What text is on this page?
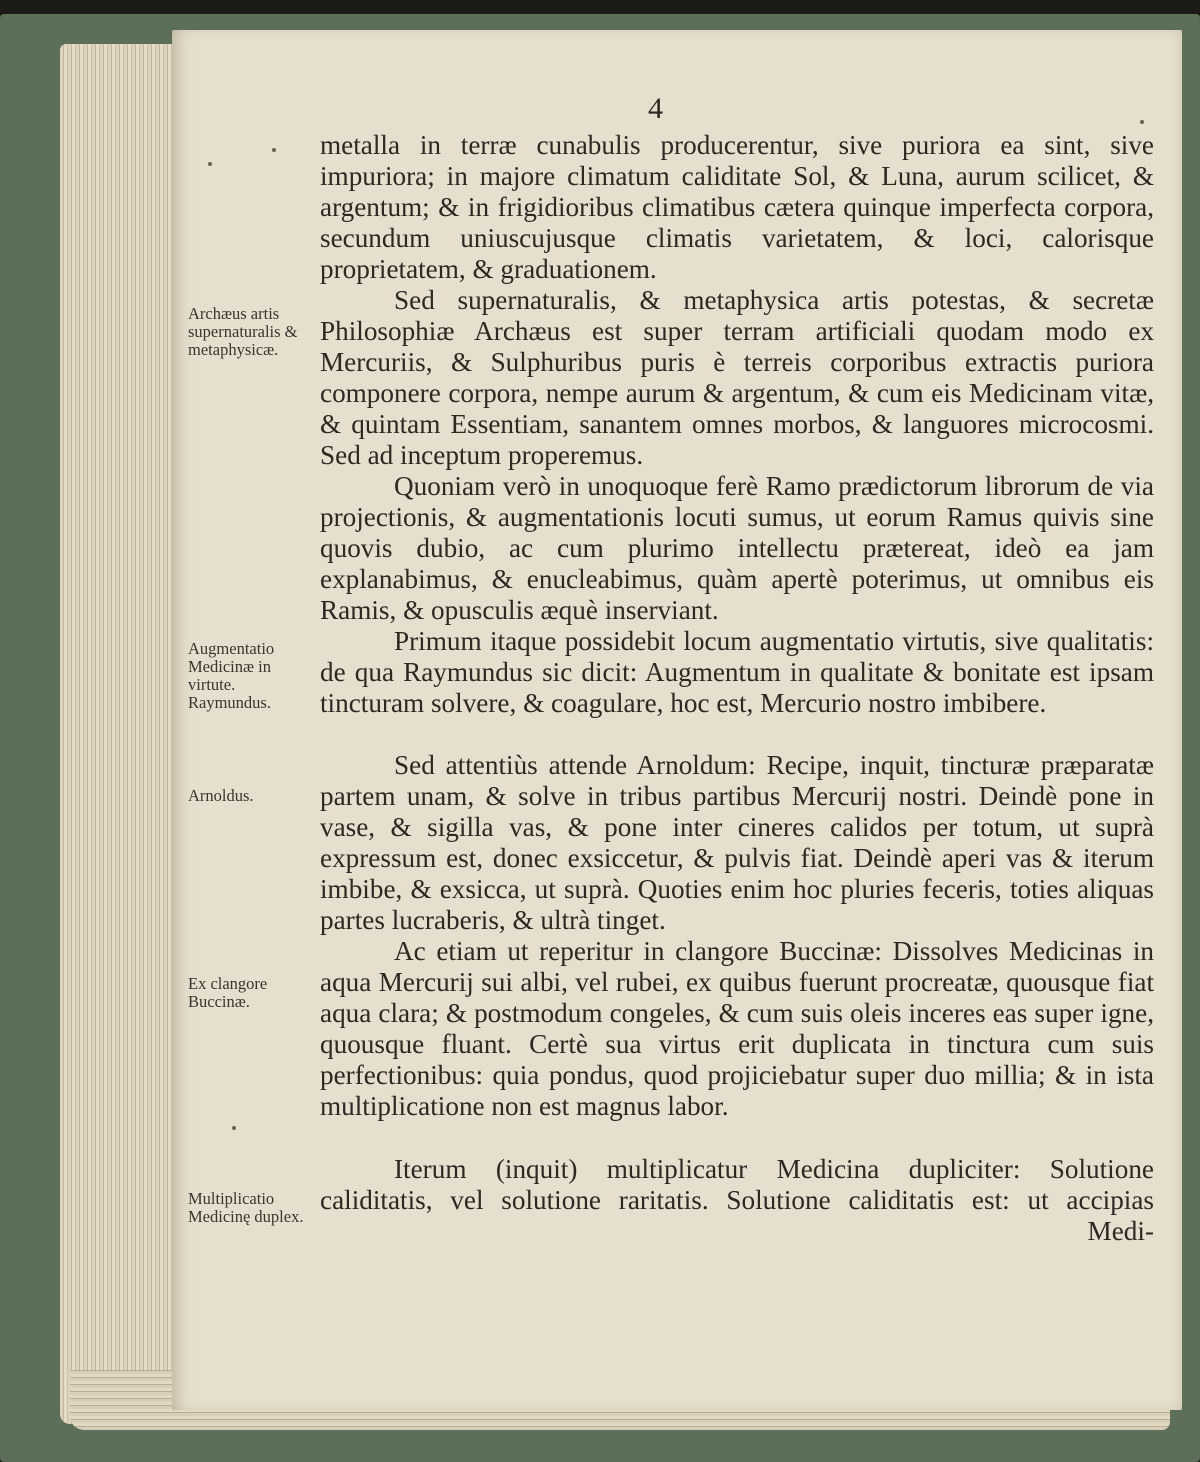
4

metalla in terræ cunabulis producerentur, sive puriora ea sint, sive impuriora; in majore climatum caliditate Sol, & Luna, aurum scilicet, & argentum; & in frigidioribus climatibus cætera quinque imperfecta corpora, secundum uniuscujusque climatis varietatem, & loci, calorisque proprietatem, & graduationem.

Sed supernaturalis, & metaphysica artis potestas, & secretæ Philosophiæ Archæus est super terram artificiali quodam modo ex Mercuriis, & Sulphuribus puris è terreis corporibus extractis puriora componere corpora, nempe aurum & argentum, & cum eis Medicinam vitæ, & quintam Essentiam, sanantem omnes morbos, & languores microcosmi. Sed ad inceptum properemus.

Quoniam verò in unoquoque ferè Ramo prædictorum librorum de via projectionis, & augmentationis locuti sumus, ut eorum Ramus quivis sine quovis dubio, ac cum plurimo intellectu prætereat, ideò ea jam explanabimus, & enucleabimus, quàm apertè poterimus, ut omnibus eis Ramis, & opusculis æquè inserviant.

Primum itaque possidebit locum augmentatio virtutis, sive qualitatis: de qua Raymundus sic dicit: Augmentum in qualitate & bonitate est ipsam tincturam solvere, & coagulare, hoc est, Mercurio nostro imbibere.

Sed attentiùs attende Arnoldum: Recipe, inquit, tincturæ præparatæ partem unam, & solve in tribus partibus Mercurij nostri. Deindè pone in vase, & sigilla vas, & pone inter cineres calidos per totum, ut suprà expressum est, donec exsiccetur, & pulvis fiat. Deindè aperi vas & iterum imbibe, & exsicca, ut suprà. Quoties enim hoc pluries feceris, toties aliquas partes lucraberis, & ultrà tinget.

Ac etiam ut reperitur in clangore Buccinæ: Dissolves Medicinas in aqua Mercurij sui albi, vel rubei, ex quibus fuerunt procreatæ, quousque fiat aqua clara; & postmodum congeles, & cum suis oleis inceres eas super igne, quousque fluant. Certè sua virtus erit duplicata in tinctura cum suis perfectionibus: quia pondus, quod projiciebatur super duo millia; & in ista multiplicatione non est magnus labor.

Iterum (inquit) multiplicatur Medicina dupliciter: Solutione caliditatis, vel solutione raritatis. Solutione caliditatis est: ut accipias

Medi-

Archæus artis supernaturalis & metaphysicæ.

Augmentatio Medicinæ in virtute. Raymundus.

Arnoldus.

Ex clangore Buccinæ.

Multiplicatio Medicinę duplex.
